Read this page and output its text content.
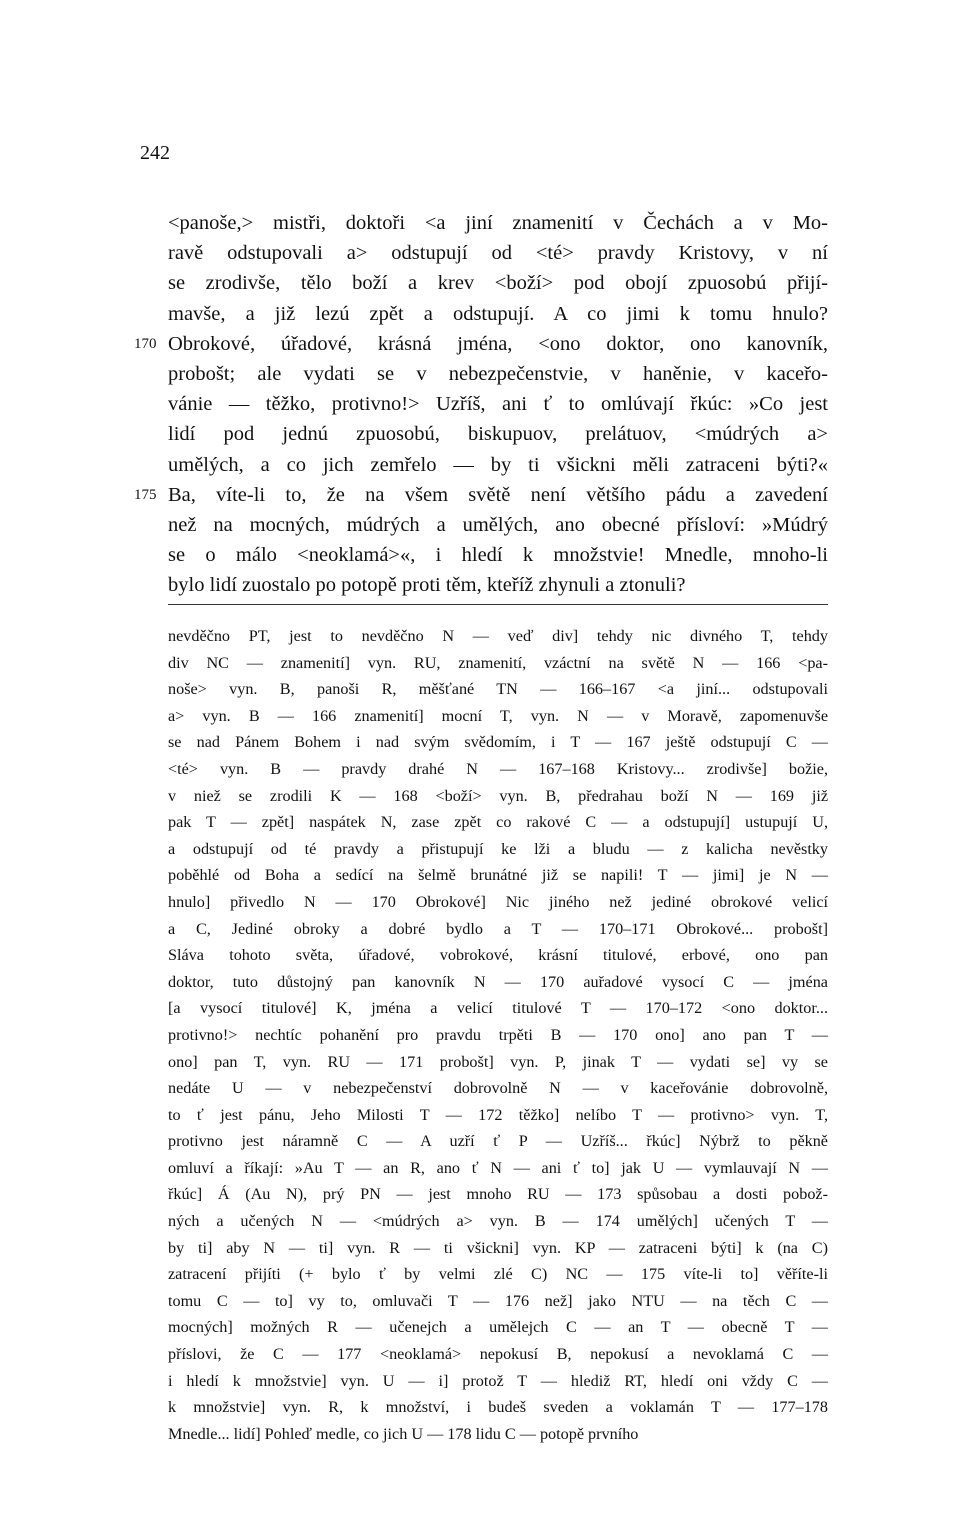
242
<panoše,> mistři, doktoři <a jiní znamenití v Čechách a v Mo-
ravě odstupovali a> odstupují od <té> pravdy Kristovy, v ní
se zrodivše, tělo boží a krev <boží> pod obojí zpuosobú přijí-
mavše, a již lezú zpět a odstupují. A co jimi k tomu hnulo?
170 Obrokové, úřadové, krásná jména, <ono doktor, ono kanovník,
probošt; ale vydati se v nebezpečenstvie, v haněnie, v kaceřo-
vánie — těžko, protivno!> Uzříš, ani ť to omlúvají řkúc: »Co jest
lidí pod jednú zpuosobú, biskupuov, prelátuov, <múdrých a>
umělých, a co jich zemřelo — by ti všickni měli zatraceni býti?«
175 Ba, víte-li to, že na všem světě není většího pádu a zavedení
než na mocných, múdrých a umělých, ano obecné přísloví: »Múdrý
se o málo <neoklamá>«, i hledí k množstvie! Mnedle, mnoho-li
bylo lidí zuostalo po potopě proti těm, kteříž zhynuli a ztonuli?
nevděčno PT, jest to nevděčno N — veď div] tehdy nic divného T, tehdy
div NC — znamenití] vyn. RU, znamenití, vzáctní na světě N — 166 <pa-
noše> vyn. B, panoši R, měšťané TN — 166–167 <a jiní... odstupovali
a> vyn. B — 166 znamenití] mocní T, vyn. N — v Moravě, zapomenuvše
se nad Pánem Bohem i nad svým svědomím, i T — 167 ještě odstupují C —
<té> vyn. B — pravdy drahé N — 167–168 Kristovy... zrodivše] božie,
v niež se zrodili K — 168 <boží> vyn. B, předrahau boží N — 169 již
pak T — zpět] naspátek N, zase zpět co rakové C — a odstupují] ustupují U,
a odstupují od té pravdy a přistupují ke lži a bludu — z kalicha nevěstky
poběhlé od Boha a sedící na šelmě brunátné již se napili! T — jimi] je N —
hnulo] přivedlo N — 170 Obrokové] Nic jiného než jediné obrokové velicí
a C, Jediné obroky a dobré bydlo a T — 170–171 Obrokové... probošt]
Sláva tohoto světa, úřadové, vobrokové, krásní titulové, erbové, ono pan
doktor, tuto důstojný pan kanovník N — 170 auřadové vysocí C — jména
[a vysocí titulové] K, jména a velicí titulové T — 170–172 <ono doktor...
protivno!> nechtíc pohanění pro pravdu trpěti B — 170 ono] ano pan T —
ono] pan T, vyn. RU — 171 probošt] vyn. P, jinak T — vydati se] vy se
nedáte U — v nebezpečenství dobrovolně N — v kaceřovánie dobrovolně,
to ť jest pánu, Jeho Milosti T — 172 těžko] nelíbo T — protivno> vyn. T,
protivno jest náramně C — A uzří ť P — Uzříš... řkúc] Nýbrž to pěkně
omluví a říkají: »Au T — an R, ano ť N — ani ť to] jak U — vymlauvají N —
řkúc] Á (Au N), prý PN — jest mnoho RU — 173 spůsobau a dosti pobož-
ných a učených N — <múdrých a> vyn. B — 174 umělých] učených T —
by ti] aby N — ti] vyn. R — ti všickni] vyn. KP — zatraceni býti] k (na C)
zatracení přijíti (+ bylo ť by velmi zlé C) NC — 175 víte-li to] věříte-li
tomu C — to] vy to, omluvači T — 176 než] jako NTU — na těch C —
mocných] možných R — učenejch a umělejch C — an T — obecně T —
příslovi, že C — 177 <neoklamá> nepokusí B, nepokusí a nevoklamá C —
i hledí k množstvie] vyn. U — i] protož T — hlediž RT, hledí oni vždy C —
k množstvie] vyn. R, k množství, i budeš sveden a voklamán T — 177–178
Mnedle... lidí] Pohleď medle, co jich U — 178 lidu C — potopě prvního
